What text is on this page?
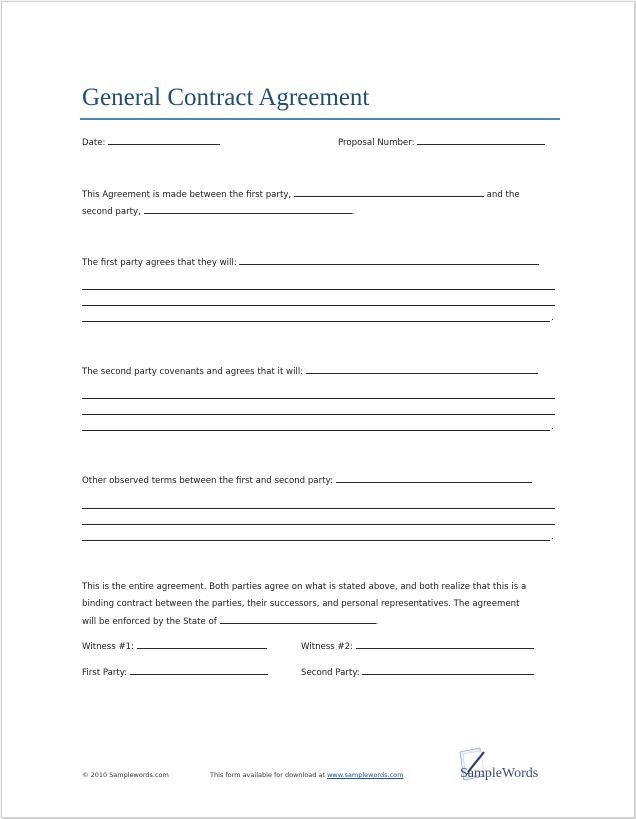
General Contract Agreement
Date:	Proposal Number:
This Agreement is made between the first party,	and the
second party,	.
The first party agrees that they will:
.
The second party covenants and agrees that it will:
.
Other observed terms between the first and second party:
.
This is the entire agreement. Both parties agree on what is stated above, and both realize that this is a
binding contract between the parties, their successors, and personal representatives. The agreement
will be enforced by the State of	.
Witness #1:	Witness #2:
First Party:	Second Party:
© 2010 Samplewords.com	This form available for download at www.samplewords.com	SampleWords
